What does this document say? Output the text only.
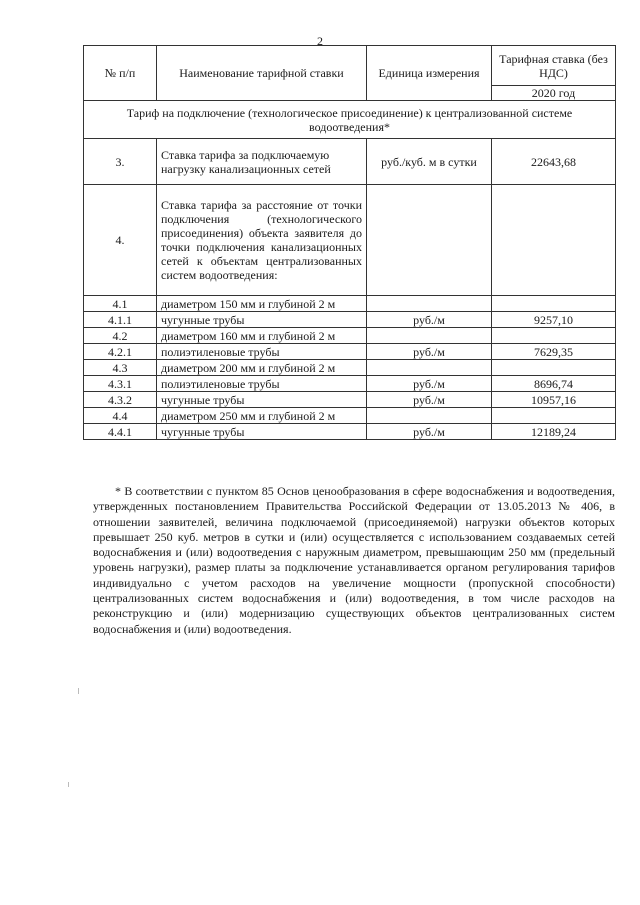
2
№ п/п	Наименование тарифной ставки	Единица измерения	Тарифная ставка (без НДС)
			2020 год
Тариф на подключение (технологическое присоединение) к централизованной системе водоотведения*			
3.	Ставка тарифа за подключаемую нагрузку канализационных сетей	руб./куб. м в сутки	22643,68
4.	Ставка тарифа за расстояние от точки подключения (технологического присоединения) объекта заявителя до точки подключения канализационных сетей к объектам централизованных систем водоотведения:		
4.1	диаметром 150 мм и глубиной 2 м		
4.1.1	чугунные трубы	руб./м	9257,10
4.2	диаметром 160 мм и глубиной 2 м		
4.2.1	полиэтиленовые трубы	руб./м	7629,35
4.3	диаметром 200 мм и глубиной 2 м		
4.3.1	полиэтиленовые трубы	руб./м	8696,74
4.3.2	чугунные трубы	руб./м	10957,16
4.4	диаметром 250 мм и глубиной 2 м		
4.4.1	чугунные трубы	руб./м	12189,24

* В соответствии с пунктом 85 Основ ценообразования в сфере водоснабжения и водоотведения, утвержденных постановлением Правительства Российской Федерации от 13.05.2013 № 406, в отношении заявителей, величина подключаемой (присоединяемой) нагрузки объектов которых превышает 250 куб. метров в сутки и (или) осуществляется с использованием создаваемых сетей водоснабжения и (или) водоотведения с наружным диаметром, превышающим 250 мм (предельный уровень нагрузки), размер платы за подключение устанавливается органом регулирования тарифов индивидуально с учетом расходов на увеличение мощности (пропускной способности) централизованных систем водоснабжения и (или) водоотведения, в том числе расходов на реконструкцию и (или) модернизацию существующих объектов централизованных систем водоснабжения и (или) водоотведения.
